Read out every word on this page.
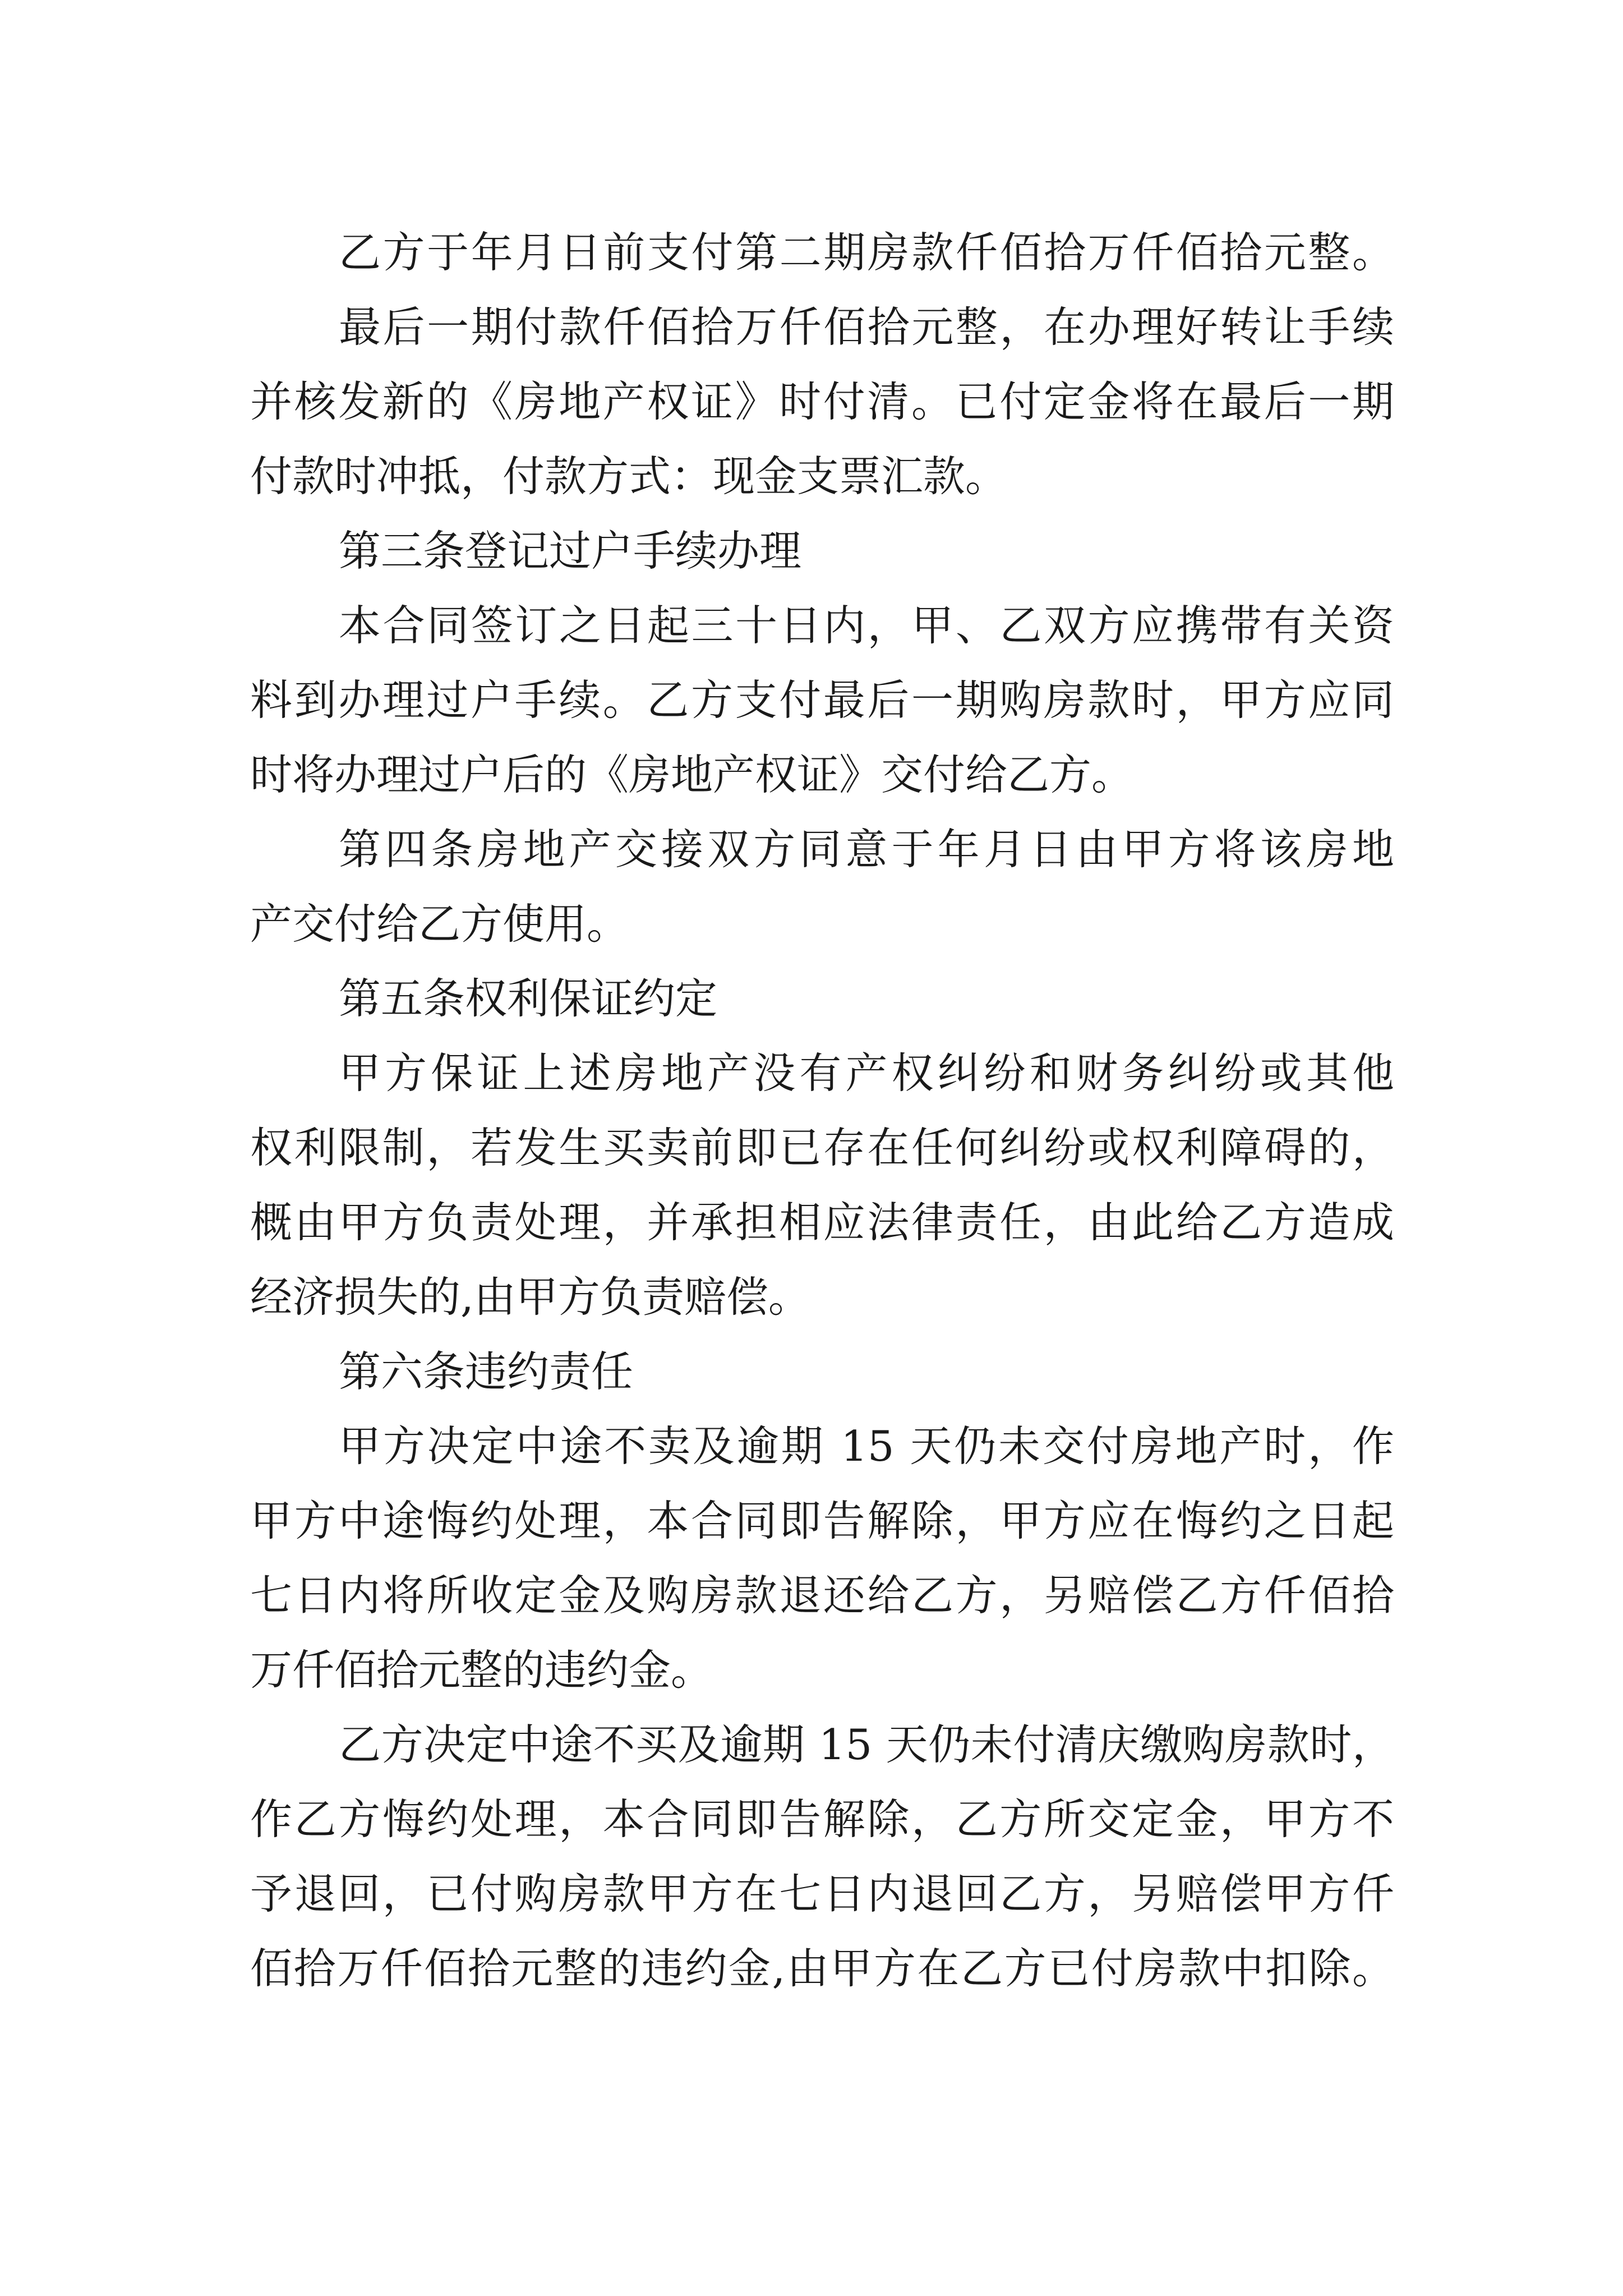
乙方于年月日前支付第二期房款仟佰拾万仟佰拾元整。
最后一期付款仟佰拾万仟佰拾元整，在办理好转让手续
并核发新的《房地产权证》时付清。已付定金将在最后一期
付款时冲抵，付款方式：现金支票汇款。
第三条登记过户手续办理
本合同签订之日起三十日内，甲、乙双方应携带有关资
料到办理过户手续。乙方支付最后一期购房款时，甲方应同
时将办理过户后的《房地产权证》交付给乙方。
第四条房地产交接双方同意于年月日由甲方将该房地
产交付给乙方使用。
第五条权利保证约定
甲方保证上述房地产没有产权纠纷和财务纠纷或其他
权利限制，若发生买卖前即已存在任何纠纷或权利障碍的，
概由甲方负责处理，并承担相应法律责任，由此给乙方造成
经济损失的,由甲方负责赔偿。
第六条违约责任
甲方决定中途不卖及逾期 15 天仍未交付房地产时，作
甲方中途悔约处理，本合同即告解除，甲方应在悔约之日起
七日内将所收定金及购房款退还给乙方，另赔偿乙方仟佰拾
万仟佰拾元整的违约金。
乙方决定中途不买及逾期 15 天仍未付清庆缴购房款时，
作乙方悔约处理，本合同即告解除，乙方所交定金，甲方不
予退回，已付购房款甲方在七日内退回乙方，另赔偿甲方仟
佰拾万仟佰拾元整的违约金,由甲方在乙方已付房款中扣除。
